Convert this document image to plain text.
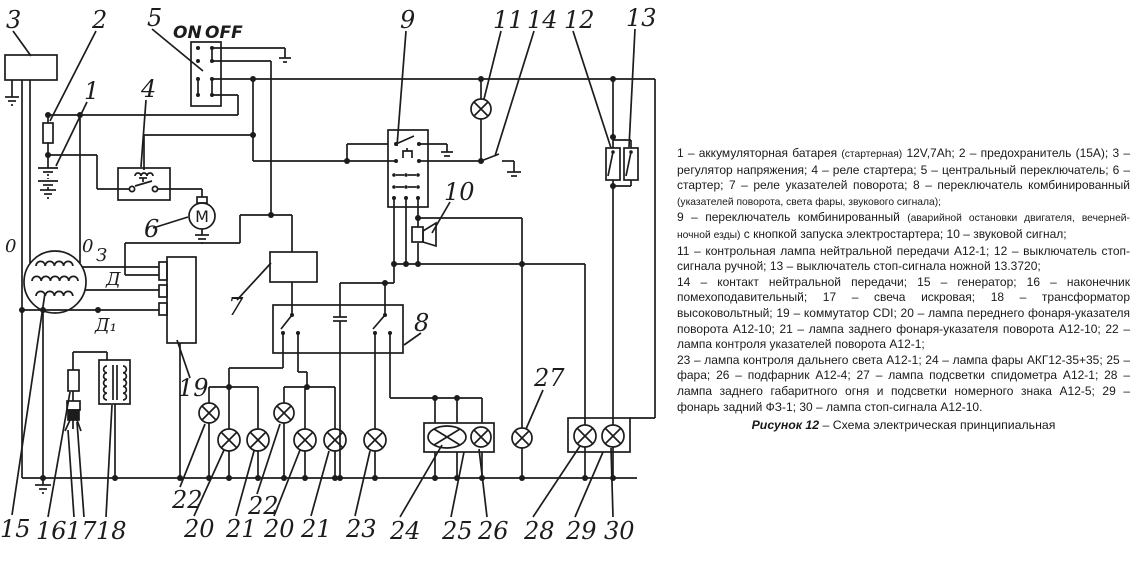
3	2 5
ON OFF
1 4
9	11 14 12 13
10
6 M
0	0 З
Д
Д₁
7
8
19	27
22
20 21
22
20 21 23 24 25 26 28 29 30
15 16 17 18

1 – аккумуляторная батарея (стартерная) 12V,7Ah; 2 – предохранитель (15А); 3 – регулятор напряжения; 4 – реле стартера; 5 – центральный переключатель; 6 – стартер; 7 – реле указателей поворота; 8 – переключатель комбинированный (указателей поворота, света фары, звукового сигнала);

9 – переключатель комбинированный (аварийной остановки двигателя, вечерней-ночной езды) с кнопкой запуска электростартера; 10 – звуковой сигнал;

11 – контрольная лампа нейтральной передачи А12-1; 12 – выключатель стоп-сигнала ручной; 13 – выключатель стоп-сигнала ножной 13.3720;

14 – контакт нейтральной передачи; 15 – генератор; 16 – наконечник помехоподавительный; 17 – свеча искровая; 18 – трансформатор высоковольтный; 19 – коммутатор CDI; 20 – лампа переднего фонаря-указателя поворота А12-10; 21 – лампа заднего фонаря-указателя поворота А12-10; 22 – лампа контроля указателей поворота А12-1;

23 – лампа контроля дальнего света А12-1; 24 – лампа фары АКГ12-35+35; 25 – фара; 26 – подфарник А12-4; 27 – лампа подсветки спидометра А12-1; 28 – лампа заднего габаритного огня и подсветки номерного знака А12-5; 29 – фонарь задний ФЗ-1; 30 – лампа стоп-сигнала А12-10.

Рисунок 12 – Схема электрическая принципиальная
